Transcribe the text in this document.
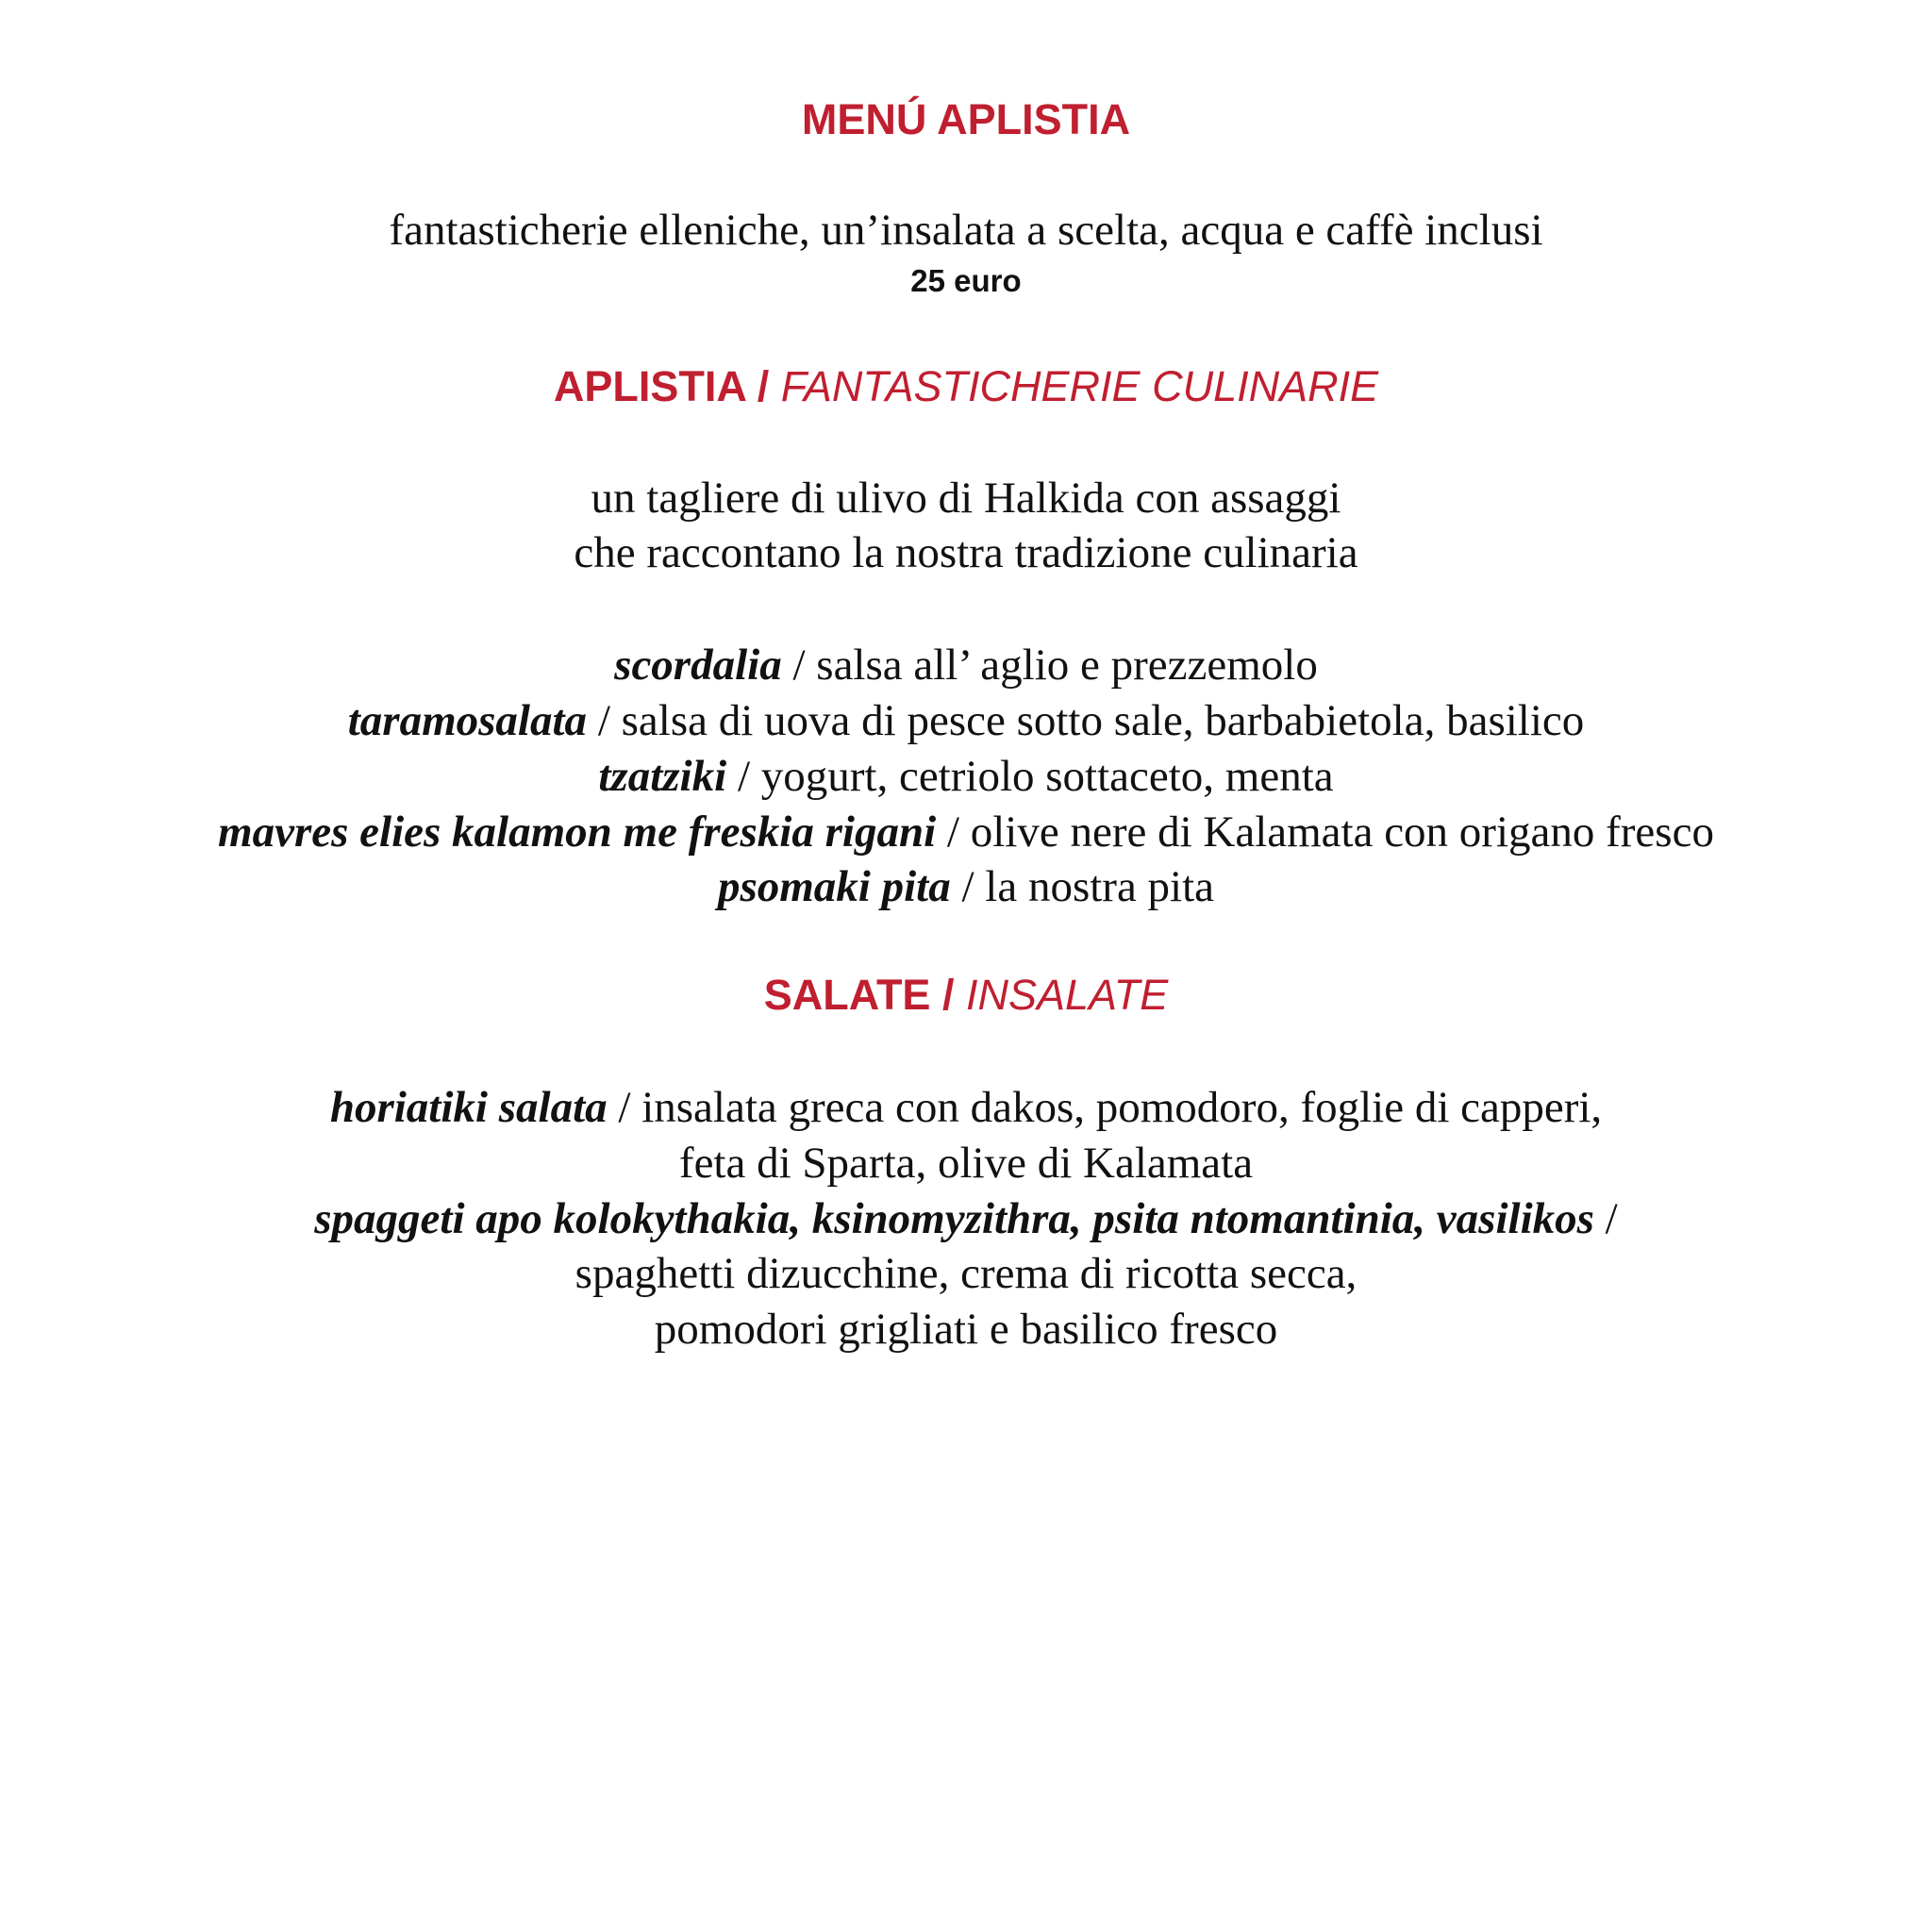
MENÚ APLISTIA
fantasticherie elleniche, un’insalata a scelta, acqua e caffè inclusi
25 euro
APLISTIA / FANTASTICHERIE CULINARIE
un tagliere di ulivo di Halkida con assaggi
che raccontano la nostra tradizione culinaria
scordalia / salsa all’ aglio e prezzemolo
taramosalata / salsa di uova di pesce sotto sale, barbabietola, basilico
tzatziki / yogurt, cetriolo sottaceto, menta
mavres elies kalamon me freskia rigani / olive nere di Kalamata con origano fresco
psomaki pita / la nostra pita
SALATE / INSALATE
horiatiki salata / insalata greca con dakos, pomodoro, foglie di capperi,
feta di Sparta, olive di Kalamata
spaggeti apo kolokythakia, ksinomyzithra, psita ntomantinia, vasilikos /
spaghetti dizucchine, crema di ricotta secca,
pomodori grigliati e basilico fresco
